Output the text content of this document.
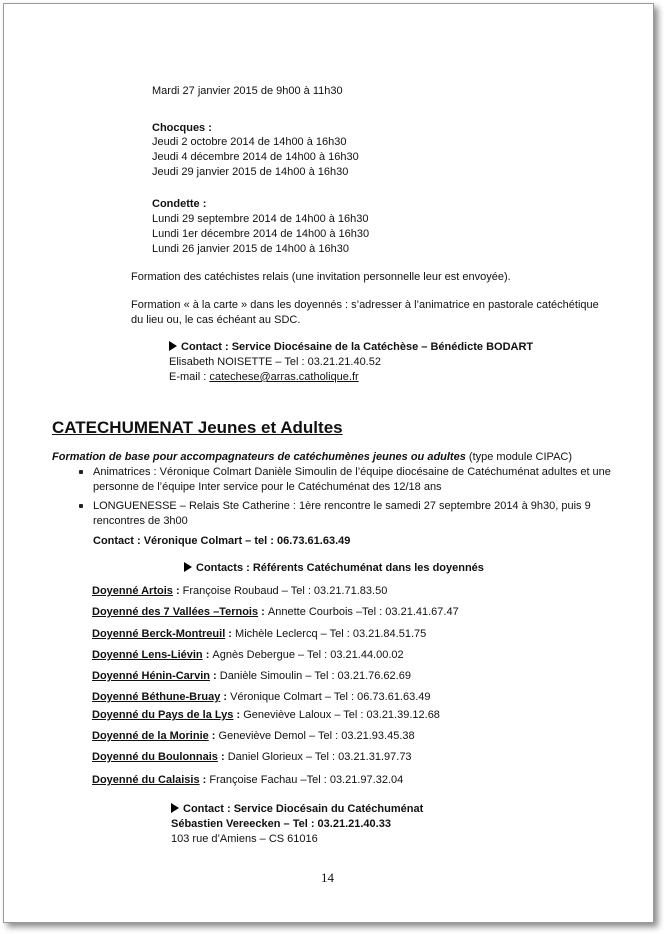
Mardi 27 janvier 2015 de 9h00 à 11h30
Chocques :
Jeudi 2 octobre 2014 de 14h00 à 16h30
Jeudi 4 décembre 2014 de 14h00 à 16h30
Jeudi 29 janvier 2015 de 14h00 à 16h30
Condette :
Lundi 29 septembre 2014 de 14h00 à 16h30
Lundi 1er décembre 2014 de 14h00 à 16h30
Lundi 26 janvier 2015 de 14h00 à 16h30
Formation des catéchistes relais (une invitation personnelle leur est envoyée).
Formation « à la carte » dans les doyennés : s’adresser à l’animatrice en pastorale catéchétique
du lieu ou, le cas échéant au SDC.
Contact : Service Diocésaine de la Catéchèse – Bénédicte BODART
Elisabeth NOISETTE – Tel : 03.21.21.40.52
E-mail : catechese@arras.catholique.fr
CATECHUMENAT Jeunes et Adultes
Formation de base pour accompagnateurs de catéchumènes jeunes ou adultes (type module CIPAC)
Animatrices : Véronique Colmart Danièle Simoulin de l’équipe diocésaine de Catéchuménat adultes et une
personne de l’équipe Inter service pour le Catéchuménat des 12/18 ans
LONGUENESSE – Relais Ste Catherine : 1ère rencontre le samedi 27 septembre 2014 à 9h30, puis 9
rencontres de 3h00
Contact : Véronique Colmart – tel : 06.73.61.63.49
Contacts : Référents Catéchuménat dans les doyennés
Doyenné Artois : Françoise Roubaud – Tel : 03.21.71.83.50
Doyenné des 7 Vallées –Ternois : Annette Courbois –Tel : 03.21.41.67.47
Doyenné Berck-Montreuil : Michèle Leclercq – Tel : 03.21.84.51.75
Doyenné Lens-Liévin : Agnès Debergue – Tel : 03.21.44.00.02
Doyenné Hénin-Carvin : Danièle Simoulin – Tel : 03.21.76.62.69
Doyenné Béthune-Bruay : Véronique Colmart – Tel : 06.73.61.63.49
Doyenné du Pays de la Lys : Geneviève Laloux – Tel : 03.21.39.12.68
Doyenné de la Morinie : Geneviève Demol – Tel : 03.21.93.45.38
Doyenné du Boulonnais : Daniel Glorieux – Tel : 03.21.31.97.73
Doyenné du Calaisis : Françoise Fachau –Tel : 03.21.97.32.04
Contact : Service Diocésain du Catéchuménat
Sébastien Vereecken – Tel : 03.21.21.40.33
103 rue d’Amiens – CS 61016
14
